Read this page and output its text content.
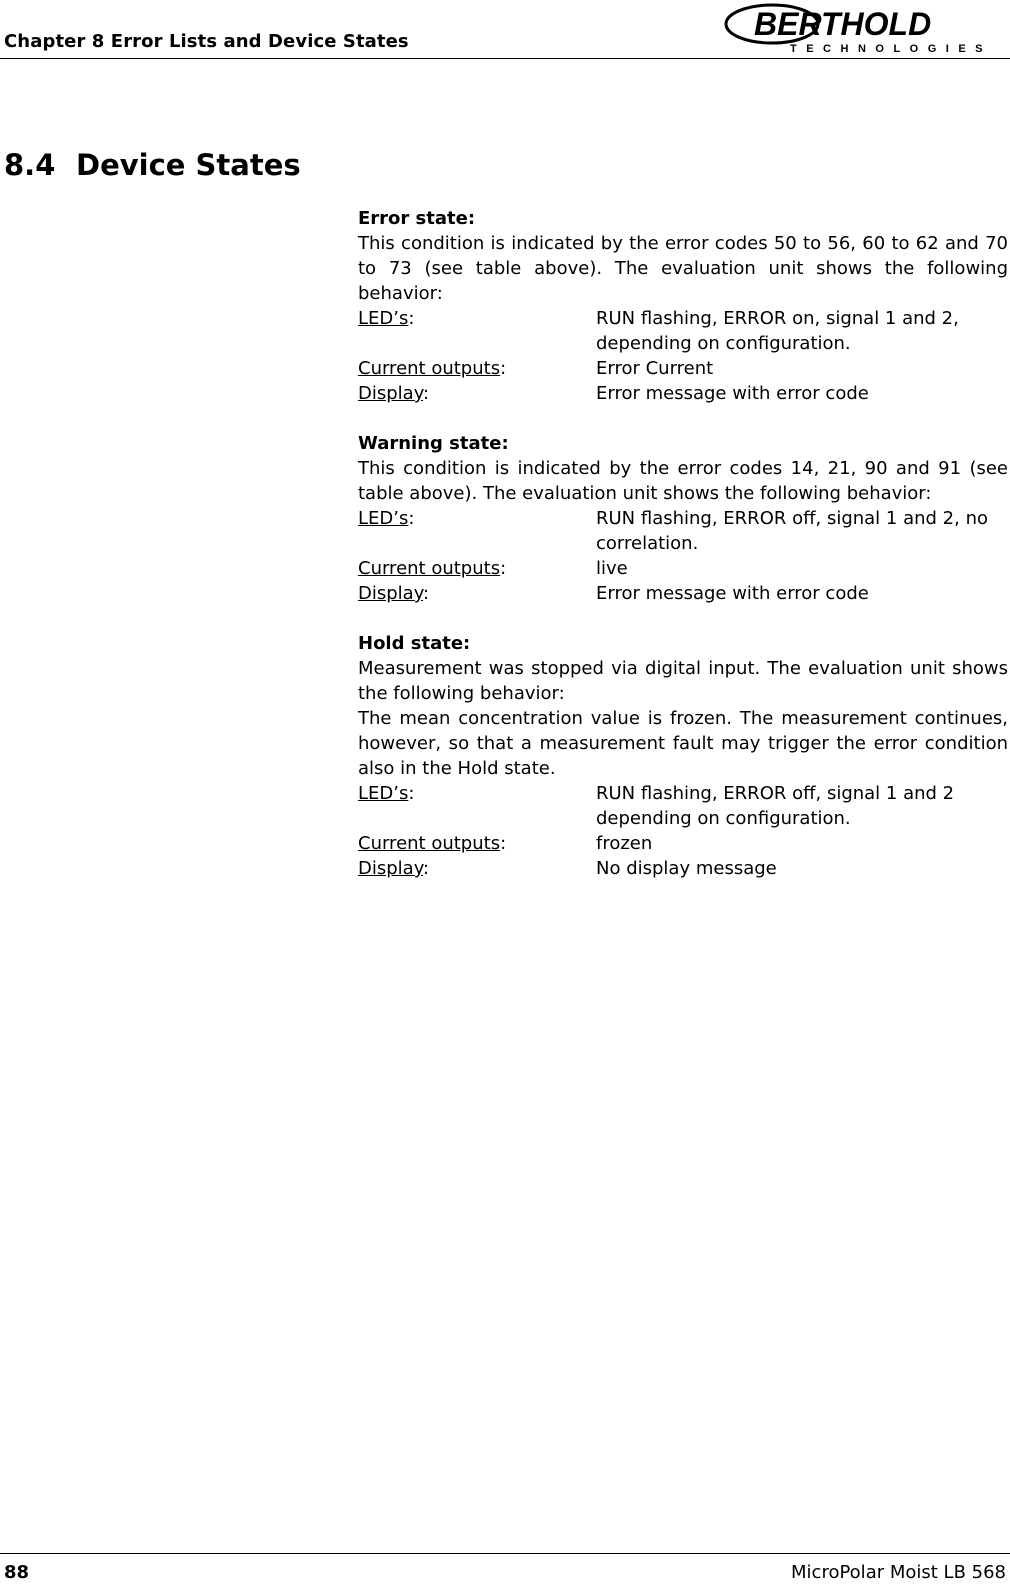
Chapter 8 Error Lists and Device States	BERTHOLD
TECHNOLOGIES
8.4 Device States
Error state:
This condition is indicated by the error codes 50 to 56, 60 to 62 and 70 to 73 (see table above). The evaluation unit shows the following behavior:
LED’s:	RUN flashing, ERROR on, signal 1 and 2, depending on configuration.
Current outputs:	Error Current
Display:	Error message with error code
Warning state:
This condition is indicated by the error codes 14, 21, 90 and 91 (see table above). The evaluation unit shows the following behavior:
LED’s:	RUN flashing, ERROR off, signal 1 and 2, no correlation.
Current outputs:	live
Display:	Error message with error code
Hold state:
Measurement was stopped via digital input. The evaluation unit shows the following behavior:
The mean concentration value is frozen. The measurement continues, however, so that a measurement fault may trigger the error condition also in the Hold state.
LED’s:	RUN flashing, ERROR off, signal 1 and 2 depending on configuration.
Current outputs:	frozen
Display:	No display message
88	MicroPolar Moist LB 568
